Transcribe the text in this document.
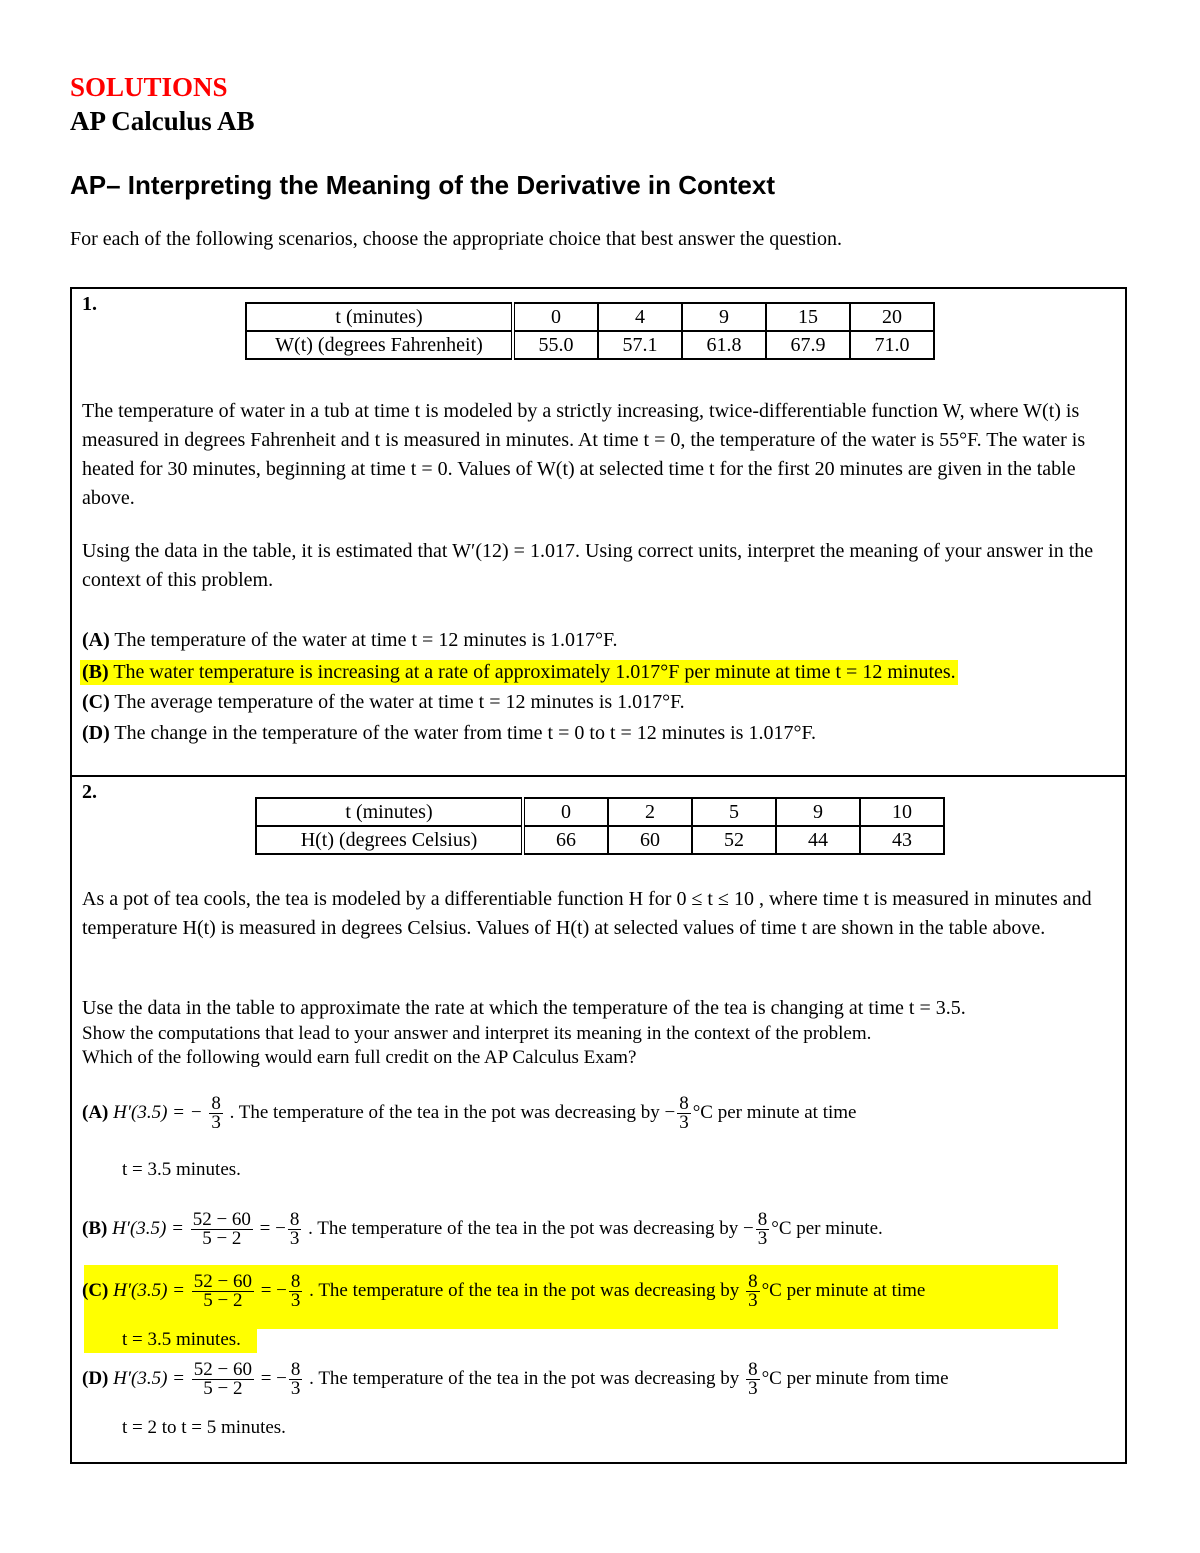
SOLUTIONS
AP Calculus AB
AP– Interpreting the Meaning of the Derivative in Context
For each of the following scenarios, choose the appropriate choice that best answer the question.
1.
t (minutes)	0	4	9	15	20
W(t) (degrees Fahrenheit)	55.0	57.1	61.8	67.9	71.0
The temperature of water in a tub at time t is modeled by a strictly increasing, twice-differentiable function W, where W(t) is measured in degrees Fahrenheit and t is measured in minutes. At time t = 0, the temperature of the water is 55°F. The water is heated for 30 minutes, beginning at time t = 0. Values of W(t) at selected time t for the first 20 minutes are given in the table above.
Using the data in the table, it is estimated that W′(12) = 1.017. Using correct units, interpret the meaning of your answer in the context of this problem.
(A) The temperature of the water at time t = 12 minutes is 1.017°F.
(B) The water temperature is increasing at a rate of approximately 1.017°F per minute at time t = 12 minutes.
(C) The average temperature of the water at time t = 12 minutes is 1.017°F.
(D) The change in the temperature of the water from time t = 0 to t = 12 minutes is 1.017°F.
2.
t (minutes)	0	2	5	9	10
H(t) (degrees Celsius)	66	60	52	44	43
As a pot of tea cools, the tea is modeled by a differentiable function H for 0 ≤ t ≤ 10 , where time t is measured in minutes and temperature H(t) is measured in degrees Celsius. Values of H(t) at selected values of time t are shown in the table above.
Use the data in the table to approximate the rate at which the temperature of the tea is changing at time t = 3.5.
Show the computations that lead to your answer and interpret its meaning in the context of the problem.
Which of the following would earn full credit on the AP Calculus Exam?
(A) H′(3.5) = − $\frac{8}{3}$ . The temperature of the tea in the pot was decreasing by − $\frac{8}{3} ^\circ C$ per minute at time
t = 3.5 minutes.
(B) $H'(3.5) = \frac{52 - 60}{5 - 2}$ = − $\frac{8}{3}$ . The temperature of the tea in the pot was decreasing by − $\frac{8}{3} ^\circ C$ per minute.
(C) $H'(3.5) = \frac{52 - 60}{5 - 2}$ = − $\frac{8}{3}$ . The temperature of the tea in the pot was decreasing by $\frac{8}{3} ^\circ C$ per minute at time
t = 3.5 minutes.
(D) $H'(3.5) = \frac{52 - 60}{5 - 2}$ = − $\frac{8}{3}$ . The temperature of the tea in the pot was decreasing by $\frac{8}{3} ^\circ C$ per minute from time
t = 2 to t = 5 minutes.
